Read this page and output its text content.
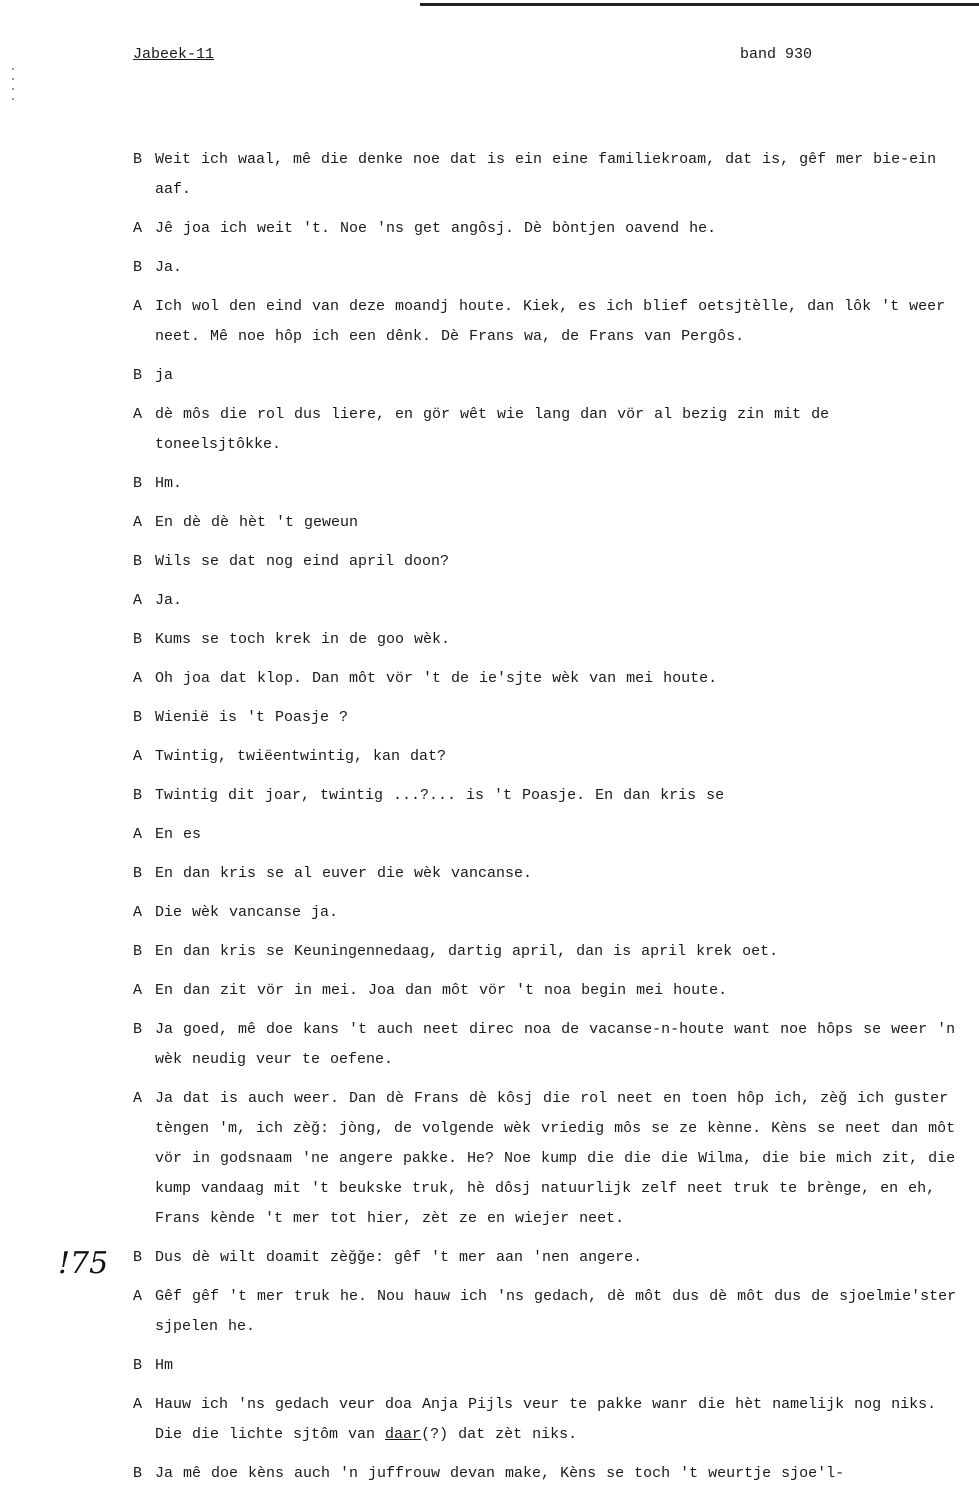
Jabeek-11	band 930
B Weit ich waal, mê die denke noe dat is ein eine familiekroam, dat is, gêf mer bie-ein aaf.
A Jê joa ich weit 't. Noe 'ns get angôsj. Dè bòntjen oavend he.
B Ja.
A Ich wol den eind van deze moandj houte. Kiek, es ich blief oetsjtèlle, dan lôk 't weer neet. Mê noe hôp ich een dênk. Dè Frans wa, de Frans van Pergôs.
B ja
A dè môs die rol dus liere, en gör wêt wie lang dan vör al bezig zin mit de toneelsjtôkke.
B Hm.
A En dè dè hèt 't geweun
B Wils se dat nog eind april doon?
A Ja.
B Kums se toch krek in de goo wèk.
A Oh joa dat klop. Dan môt vör 't de ie'sjte wèk van mei houte.
B Wienië is 't Poasje ?
A Twintig, twiëentwintig, kan dat?
B Twintig dit joar, twintig ...?... is 't Poasje. En dan kris se
A En es
B En dan kris se al euver die wèk vancanse.
A Die wèk vancanse ja.
B En dan kris se Keuningennedaag, dartig april, dan is april krek oet.
A En dan zit vör in mei. Joa dan môt vör 't noa begin mei houte.
B Ja goed, mê doe kans 't auch neet direc noa de vacanse-n-houte want noe hôps se weer 'n wèk neudig veur te oefene.
A Ja dat is auch weer. Dan dè Frans dè kôsj die rol neet en toen hôp ich, zèğ ich guster tèngen 'm, ich zèğ: jòng, de volgende wèk vriedig môs se ze kènne. Kèns se neet dan môt vör in godsnaam 'ne angere pakke. He? Noe kump die die die Wilma, die bie mich zit, die kump vandaag mit 't beukske truk, hè dôsj natuurlijk zelf neet truk te brènge, en eh, Frans kènde 't mer tot hier, zèt ze en wiejer neet.
B Dus dè wilt doamit zèğğe: gêf 't mer aan 'nen angere.
A Gêf gêf 't mer truk he. Nou hauw ich 'ns gedach, dè môt dus dè môt dus de sjoelmie'ster sjpelen he.
B Hm
A Hauw ich 'ns gedach veur doa Anja Pijls veur te pakke wanr die hèt namelijk nog niks. Die die lichte sjtôm van daar(?) dat zèt niks.
B Ja mê doe kèns auch 'n juffrouw devan make, Kèns se toch 't weurtje sjoe'l-
!75
